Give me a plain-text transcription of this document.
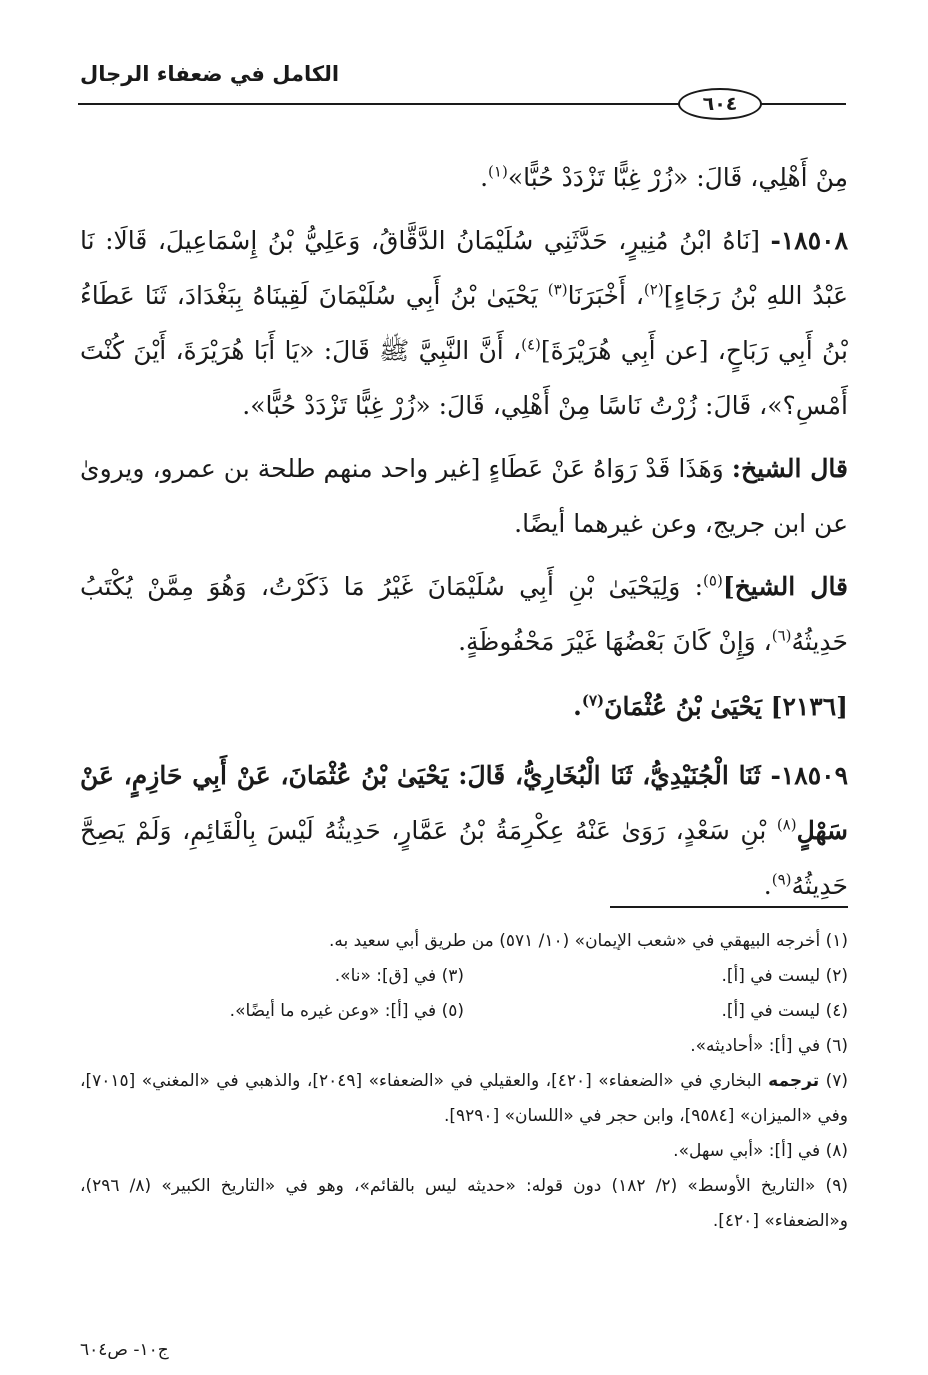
الكامل في ضعفاء الرجال
٦٠٤

مِنْ أَهْلِي، قَالَ: «زُرْ غِبًّا تَزْدَدْ حُبًّا»$^{(١)}$.

١٨٥٠٨- [نَاهُ ابْنُ مُنِيرٍ، حَدَّثَنِي سُلَيْمَانُ الدَّقَّاقُ، وَعَلِيُّ بْنُ إِسْمَاعِيلَ، قَالَا: نَا عَبْدُ اللهِ بْنُ رَجَاءٍ]$^{(٢)}$، أَخْبَرَنَا$^{(٣)}$ يَحْيَىٰ بْنُ أَبِي سُلَيْمَانَ لَقِينَاهُ بِبَغْدَادَ، ثَنَا عَطَاءُ بْنُ أَبِي رَبَاحٍ، [عن أَبِي هُرَيْرَةَ]$^{(٤)}$، أَنَّ النَّبِيَّ ﷺ قَالَ: «يَا أَبَا هُرَيْرَةَ، أَيْنَ كُنْتَ أَمْسِ؟»، قَالَ: زُرْتُ نَاسًا مِنْ أَهْلِي، قَالَ: «زُرْ غِبًّا تَزْدَدْ حُبًّا».

قال الشيخ: وَهَذَا قَدْ رَوَاهُ عَنْ عَطَاءٍ [غير واحد منهم طلحة بن عمرو، ويروىٰ عن ابن جريج، وعن غيرهما أيضًا.

قال الشيخ]$^{(٥)}$: وَلِيَحْيَىٰ بْنِ أَبِي سُلَيْمَانَ غَيْرُ مَا ذَكَرْتُ، وَهُوَ مِمَّنْ يُكْتَبُ حَدِيثُهُ$^{(٦)}$، وَإِنْ كَانَ بَعْضُهَا غَيْرَ مَحْفُوظَةٍ.

[٢١٣٦] يَحْيَىٰ بْنُ عُثْمَانَ$^{(٧)}$.

١٨٥٠٩- ثَنَا الْجُنَيْدِيُّ، ثَنَا الْبُخَارِيُّ، قَالَ: يَحْيَىٰ بْنُ عُثْمَانَ، عَنْ أَبِي حَازِمٍ، عَنْ سَهْلٍ$^{(٨)}$ بْنِ سَعْدٍ، رَوَىٰ عَنْهُ عِكْرِمَةُ بْنُ عَمَّارٍ، حَدِيثُهُ لَيْسَ بِالْقَائِمِ، وَلَمْ يَصِحَّ حَدِيثُهُ$^{(٩)}$.

(١) أخرجه البيهقي في «شعب الإيمان» (١٠/ ٥٧١) من طريق أبي سعيد به.

(٢) ليست في [أ].

(٣) في [ق]: «نا».

(٤) ليست في [أ].

(٥) في [أ]: «وعن غيره ما أيضًا».

(٦) في [أ]: «أحاديثه».

(٧) ترجمه البخاري في «الضعفاء» [٤٢٠]، والعقيلي في «الضعفاء» [٢٠٤٩]، والذهبي في «المغني» [٧٠١٥]، وفي «الميزان» [٩٥٨٤]، وابن حجر في «اللسان» [٩٢٩٠].

(٨) في [أ]: «أبي سهل».

(٩) «التاريخ الأوسط» (٢/ ١٨٢) دون قوله: «حديثه ليس بالقائم»، وهو في «التاريخ الكبير» (٨/ ٢٩٦)، و«الضعفاء» [٤٢٠].

ج١٠- ص٦٠٤
